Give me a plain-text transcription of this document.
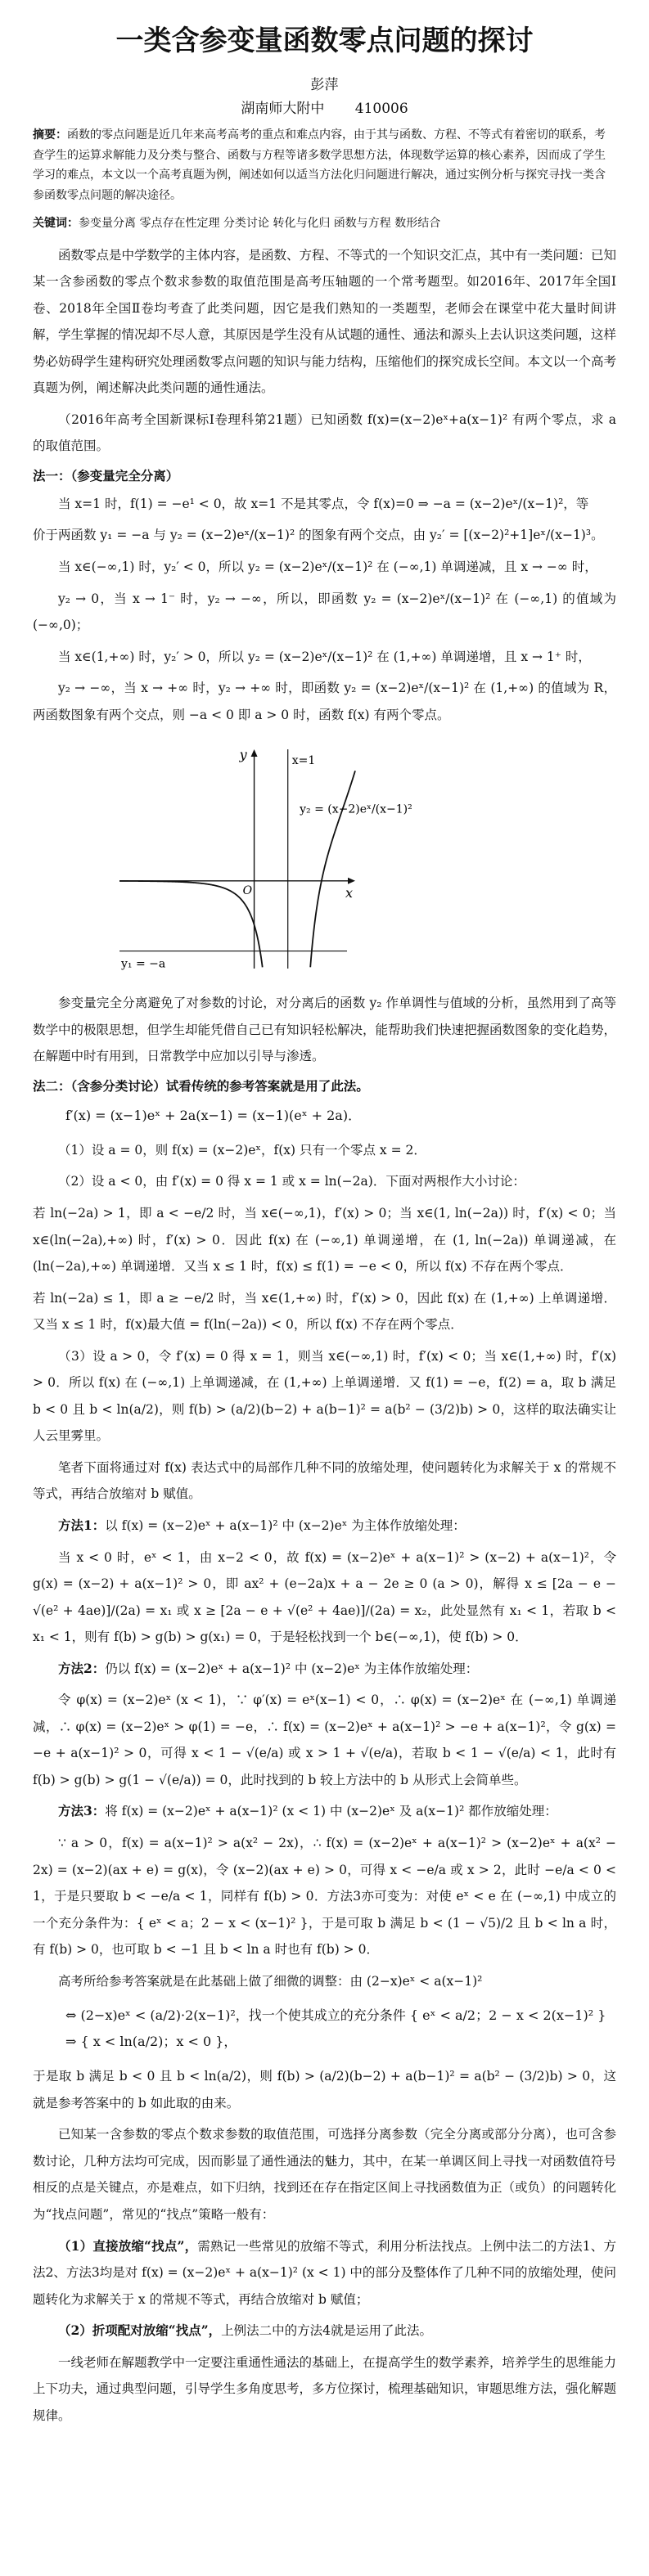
一类含参变量函数零点问题的探讨
彭萍
湖南师大附中 410006
摘要：函数的零点问题是近几年来高考高考的重点和难点内容，由于其与函数、方程、不等式有着密切的联系，考查学生的运算求解能力及分类与整合、函数与方程等诸多数学思想方法，体现数学运算的核心素养，因而成了学生学习的难点，本文以一个高考真题为例，阐述如何以适当方法化归问题进行解决，通过实例分析与探究寻找一类含参函数零点问题的解决途径。
关键词：参变量分离 零点存在性定理 分类讨论 转化与化归 函数与方程 数形结合

函数零点是中学数学的主体内容，是函数、方程、不等式的一个知识交汇点，其中有一类问题：已知某一含参函数的零点个数求参数的取值范围是高考压轴题的一个常考题型。如2016年、2017年全国Ⅰ卷、2018年全国Ⅱ卷均考查了此类问题，因它是我们熟知的一类题型，老师会在课堂中花大量时间讲解，学生掌握的情况却不尽人意，其原因是学生没有从试题的通性、通法和源头上去认识这类问题，这样势必妨碍学生建构研究处理函数零点问题的知识与能力结构，压缩他们的探究成长空间。本文以一个高考真题为例，阐述解决此类问题的通性通法。

（2016年高考全国新课标Ⅰ卷理科第21题）已知函数 f(x)=(x−2)eˣ+a(x−1)² 有两个零点，求 a 的取值范围。

法一：（参变量完全分离）

当 x=1 时，f(1) = −e¹ < 0，故 x=1 不是其零点，令 f(x)=0 ⇒ −a = (x−2)eˣ/(x−1)²，等

价于两函数 y₁ = −a 与 y₂ = (x−2)eˣ/(x−1)² 的图象有两个交点，由 y₂′ = [(x−2)²+1]eˣ/(x−1)³。

当 x∈(−∞,1) 时，y₂′ < 0，所以 y₂ = (x−2)eˣ/(x−1)² 在 (−∞,1) 单调递减，且 x → −∞ 时，

y₂ → 0，当 x → 1⁻ 时，y₂ → −∞，所以，即函数 y₂ = (x−2)eˣ/(x−1)² 在 (−∞,1) 的值域为 (−∞,0)；

当 x∈(1,+∞) 时，y₂′ > 0，所以 y₂ = (x−2)eˣ/(x−1)² 在 (1,+∞) 单调递增，且 x → 1⁺ 时，

y₂ → −∞，当 x → +∞ 时，y₂ → +∞ 时，即函数 y₂ = (x−2)eˣ/(x−1)² 在 (1,+∞) 的值域为 R，两函数图象有两个交点，则 −a < 0 即 a > 0 时，函数 f(x) 有两个零点。

x
y
O
x=1
y₂ = (x−2)eˣ/(x−1)²
y₁ = −a

参变量完全分离避免了对参数的讨论，对分离后的函数 y₂ 作单调性与值域的分析，虽然用到了高等数学中的极限思想，但学生却能凭借自己已有知识轻松解决，能帮助我们快速把握函数图象的变化趋势，在解题中时有用到，日常教学中应加以引导与渗透。

法二：（含参分类讨论）试看传统的参考答案就是用了此法。
f′(x) = (x−1)eˣ + 2a(x−1) = (x−1)(eˣ + 2a)．

（1）设 a = 0，则 f(x) = (x−2)eˣ，f(x) 只有一个零点 x = 2．

（2）设 a < 0，由 f′(x) = 0 得 x = 1 或 x = ln(−2a)．下面对两根作大小讨论：

若 ln(−2a) > 1，即 a < −e/2 时，当 x∈(−∞,1)，f′(x) > 0；当 x∈(1, ln(−2a)) 时，f′(x) < 0；当 x∈(ln(−2a),+∞) 时，f′(x) > 0．因此 f(x) 在 (−∞,1) 单调递增，在 (1, ln(−2a)) 单调递减，在 (ln(−2a),+∞) 单调递增．又当 x ≤ 1 时，f(x) ≤ f(1) = −e < 0，所以 f(x) 不存在两个零点．

若 ln(−2a) ≤ 1，即 a ≥ −e/2 时，当 x∈(1,+∞) 时，f′(x) > 0，因此 f(x) 在 (1,+∞) 上单调递增．又当 x ≤ 1 时，f(x)最大值 = f(ln(−2a)) < 0，所以 f(x) 不存在两个零点．

（3）设 a > 0，令 f′(x) = 0 得 x = 1，则当 x∈(−∞,1) 时，f′(x) < 0；当 x∈(1,+∞) 时，f′(x) > 0．所以 f(x) 在 (−∞,1) 上单调递减，在 (1,+∞) 上单调递增．又 f(1) = −e，f(2) = a，取 b 满足 b < 0 且 b < ln(a/2)，则 f(b) > (a/2)(b−2) + a(b−1)² = a(b² − (3/2)b) > 0，这样的取法确实让人云里雾里。

笔者下面将通过对 f(x) 表达式中的局部作几种不同的放缩处理，使问题转化为求解关于 x 的常规不等式，再结合放缩对 b 赋值。

方法1：以 f(x) = (x−2)eˣ + a(x−1)² 中 (x−2)eˣ 为主体作放缩处理：

当 x < 0 时，eˣ < 1，由 x−2 < 0，故 f(x) = (x−2)eˣ + a(x−1)² > (x−2) + a(x−1)²，令 g(x) = (x−2) + a(x−1)² > 0，即 ax² + (e−2a)x + a − 2e ≥ 0 (a > 0)，解得 x ≤ [2a − e − √(e² + 4ae)]/(2a) = x₁ 或 x ≥ [2a − e + √(e² + 4ae)]/(2a) = x₂，此处显然有 x₁ < 1，若取 b < x₁ < 1，则有 f(b) > g(b) > g(x₁) = 0，于是轻松找到一个 b∈(−∞,1)，使 f(b) > 0．

方法2：仍以 f(x) = (x−2)eˣ + a(x−1)² 中 (x−2)eˣ 为主体作放缩处理：

令 φ(x) = (x−2)eˣ (x < 1)，∵ φ′(x) = eˣ(x−1) < 0，∴ φ(x) = (x−2)eˣ 在 (−∞,1) 单调递减，∴ φ(x) = (x−2)eˣ > φ(1) = −e，∴ f(x) = (x−2)eˣ + a(x−1)² > −e + a(x−1)²，令 g(x) = −e + a(x−1)² > 0，可得 x < 1 − √(e/a) 或 x > 1 + √(e/a)，若取 b < 1 − √(e/a) < 1，此时有 f(b) > g(b) > g(1 − √(e/a)) = 0，此时找到的 b 较上方法中的 b 从形式上会简单些。

方法3：将 f(x) = (x−2)eˣ + a(x−1)² (x < 1) 中 (x−2)eˣ 及 a(x−1)² 都作放缩处理：

∵ a > 0，f(x) = a(x−1)² > a(x² − 2x)，∴ f(x) = (x−2)eˣ + a(x−1)² > (x−2)eˣ + a(x² − 2x) = (x−2)(ax + e) = g(x)，令 (x−2)(ax + e) > 0，可得 x < −e/a 或 x > 2，此时 −e/a < 0 < 1，于是只要取 b < −e/a < 1，同样有 f(b) > 0．方法3亦可变为：对使 eˣ < e 在 (−∞,1) 中成立的一个充分条件为：{ eˣ < a；2 − x < (x−1)² }，于是可取 b 满足 b < (1 − √5)/2 且 b < ln a 时，有 f(b) > 0，也可取 b < −1 且 b < ln a 时也有 f(b) > 0．

高考所给参考答案就是在此基础上做了细微的调整：由 (2−x)eˣ < a(x−1)²

⇔ (2−x)eˣ < (a/2)·2(x−1)²，找一个使其成立的充分条件 { eˣ < a/2；2 − x < 2(x−1)² } ⇒ { x < ln(a/2)；x < 0 }，

于是取 b 满足 b < 0 且 b < ln(a/2)，则 f(b) > (a/2)(b−2) + a(b−1)² = a(b² − (3/2)b) > 0，这就是参考答案中的 b 如此取的由来。

已知某一含参数的零点个数求参数的取值范围，可选择分离参数（完全分离或部分分离），也可含参数讨论，几种方法均可完成，因而影显了通性通法的魅力，其中，在某一单调区间上寻找一对函数值符号相反的点是关键点，亦是难点，如下归纳，找到还在存在指定区间上寻找函数值为正（或负）的问题转化为“找点问题”，常见的“找点”策略一般有：

（1）直接放缩“找点”，需熟记一些常见的放缩不等式，利用分析法找点。上例中法二的方法1、方法2、方法3均是对 f(x) = (x−2)eˣ + a(x−1)² (x < 1) 中的部分及整体作了几种不同的放缩处理，使问题转化为求解关于 x 的常规不等式，再结合放缩对 b 赋值；

（2）折项配对放缩“找点”，上例法二中的方法4就是运用了此法。

一线老师在解题教学中一定要注重通性通法的基础上，在提高学生的数学素养，培养学生的思维能力上下功夫，通过典型问题，引导学生多角度思考，多方位探讨，梳理基础知识，审题思维方法，强化解题规律。
